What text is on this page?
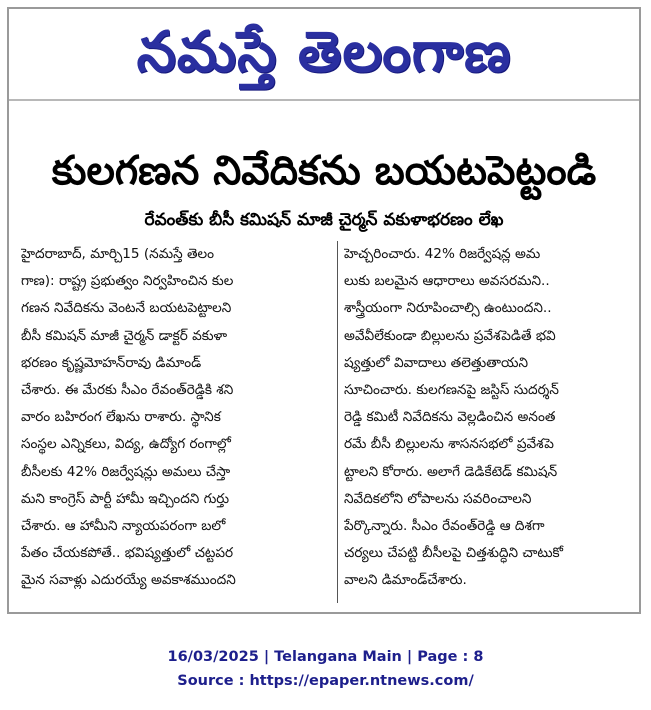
నమస్తే తెలంగాణ
కులగణన నివేదికను బయటపెట్టండి
రేవంత్‌కు బీసీ కమిషన్ మాజీ చైర్మన్ వకుళాభరణం లేఖ
హైదరాబాద్, మార్చి15 (నమస్తే తెలం
గాణ): రాష్ట్ర ప్రభుత్వం నిర్వహించిన కుల
గణన నివేదికను వెంటనే బయటపెట్టాలని
బీసీ కమిషన్ మాజీ చైర్మన్ డాక్టర్ వకుళా
భరణం కృష్ణమోహన్‌రావు డిమాండ్
చేశారు. ఈ మేరకు సీఎం రేవంత్‌రెడ్డికి శని
వారం బహిరంగ లేఖను రాశారు. స్థానిక
సంస్థల ఎన్నికలు, విద్య, ఉద్యోగ రంగాల్లో
బీసీలకు 42% రిజర్వేషన్లు అమలు చేస్తా
మని కాంగ్రెస్ పార్టీ హామీ ఇచ్చిందని గుర్తు
చేశారు. ఆ హామీని న్యాయపరంగా బలో
పేతం చేయకపోతే.. భవిష్యత్తులో చట్టపర
మైన సవాళ్లు ఎదురయ్యే అవకాశముందని
హెచ్చరించారు. 42% రిజర్వేషన్ల అమ
లుకు బలమైన ఆధారాలు అవసరమని..
శాస్త్రీయంగా నిరూపించాల్సి ఉంటుందని..
అవేవీలేకుండా బిల్లులను ప్రవేశపెడితే భవి
ష్యత్తులో వివాదాలు తలెత్తుతాయని
సూచించారు. కులగణనపై జస్టిస్ సుదర్శన్
రెడ్డి కమిటీ నివేదికను వెల్లడించిన అనంత
రమే బీసీ బిల్లులను శాసనసభలో ప్రవేశపె
ట్టాలని కోరారు. అలాగే డెడికేటెడ్ కమిషన్
నివేదికలోని లోపాలను సవరించాలని
పేర్కొన్నారు. సీఎం రేవంత్‌రెడ్డి ఆ దిశగా
చర్యలు చేపట్టి బీసీలపై చిత్తశుద్ధిని చాటుకో
వాలని డిమాండ్‌చేశారు.
16/03/2025 | Telangana Main | Page : 8
Source : https://epaper.ntnews.com/
